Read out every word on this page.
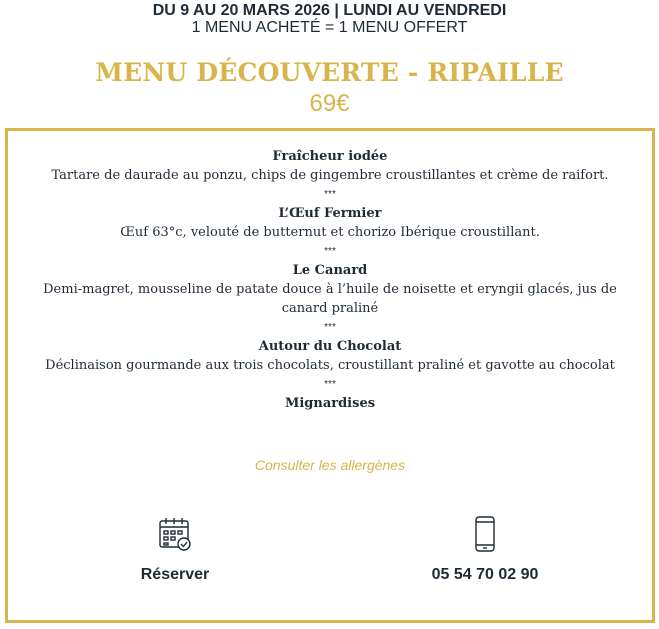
DU 9 AU 20 MARS 2026 | LUNDI AU VENDREDI
1 MENU ACHETÉ = 1 MENU OFFERT
MENU DÉCOUVERTE - RIPAILLE
69€
Fraîcheur iodée
Tartare de daurade au ponzu, chips de gingembre croustillantes et crème de raifort.
***
L’Œuf Fermier
Œuf 63°c, velouté de butternut et chorizo Ibérique croustillant.
***
Le Canard
Demi-magret, mousseline de patate douce à l’huile de noisette et eryngii glacés, jus de canard praliné
***
Autour du Chocolat
Déclinaison gourmande aux trois chocolats, croustillant praliné et gavotte au chocolat
***
Mignardises
Consulter les allergènes
Réserver	05 54 70 02 90
